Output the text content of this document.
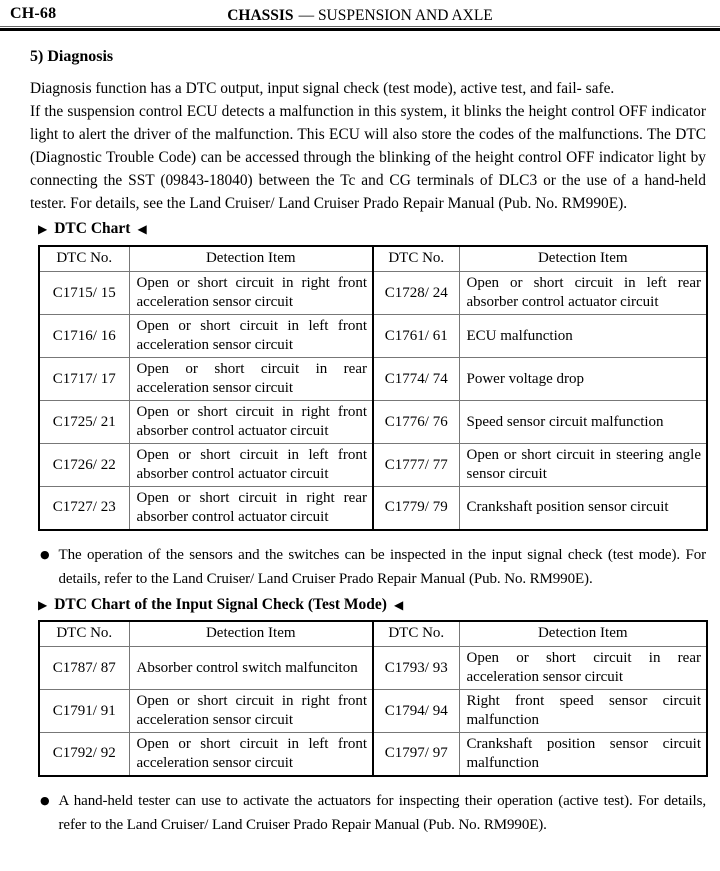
CH-68	CHASSIS — SUSPENSION AND AXLE
5) Diagnosis
Diagnosis function has a DTC output, input signal check (test mode), active test, and fail- safe.
If the suspension control ECU detects a malfunction in this system, it blinks the height control OFF indicator light to alert the driver of the malfunction. This ECU will also store the codes of the malfunctions. The DTC (Diagnostic Trouble Code) can be accessed through the blinking of the height control OFF indicator light by connecting the SST (09843-18040) between the Tc and CG terminals of DLC3 or the use of a hand-held tester. For details, see the Land Cruiser/ Land Cruiser Prado Repair Manual (Pub. No. RM990E).
▶ DTC Chart ◀
DTC No.	Detection Item	DTC No.	Detection Item
C1715/ 15	Open or short circuit in right front acceleration sensor circuit	C1728/ 24	Open or short circuit in left rear absorber control actuator circuit
C1716/ 16	Open or short circuit in left front acceleration sensor circuit	C1761/ 61	ECU malfunction
C1717/ 17	Open or short circuit in rear acceleration sensor circuit	C1774/ 74	Power voltage drop
C1725/ 21	Open or short circuit in right front absorber control actuator circuit	C1776/ 76	Speed sensor circuit malfunction
C1726/ 22	Open or short circuit in left front absorber control actuator circuit	C1777/ 77	Open or short circuit in steering angle sensor circuit
C1727/ 23	Open or short circuit in right rear absorber control actuator circuit	C1779/ 79	Crankshaft position sensor circuit
● The operation of the sensors and the switches can be inspected in the input signal check (test mode). For details, refer to the Land Cruiser/ Land Cruiser Prado Repair Manual (Pub. No. RM990E).
▶ DTC Chart of the Input Signal Check (Test Mode) ◀
DTC No.	Detection Item	DTC No.	Detection Item
C1787/ 87	Absorber control switch malfunciton	C1793/ 93	Open or short circuit in rear acceleration sensor circuit
C1791/ 91	Open or short circuit in right front acceleration sensor circuit	C1794/ 94	Right front speed sensor circuit malfunction
C1792/ 92	Open or short circuit in left front acceleration sensor circuit	C1797/ 97	Crankshaft position sensor circuit malfunction
● A hand-held tester can use to activate the actuators for inspecting their operation (active test). For details, refer to the Land Cruiser/ Land Cruiser Prado Repair Manual (Pub. No. RM990E).
